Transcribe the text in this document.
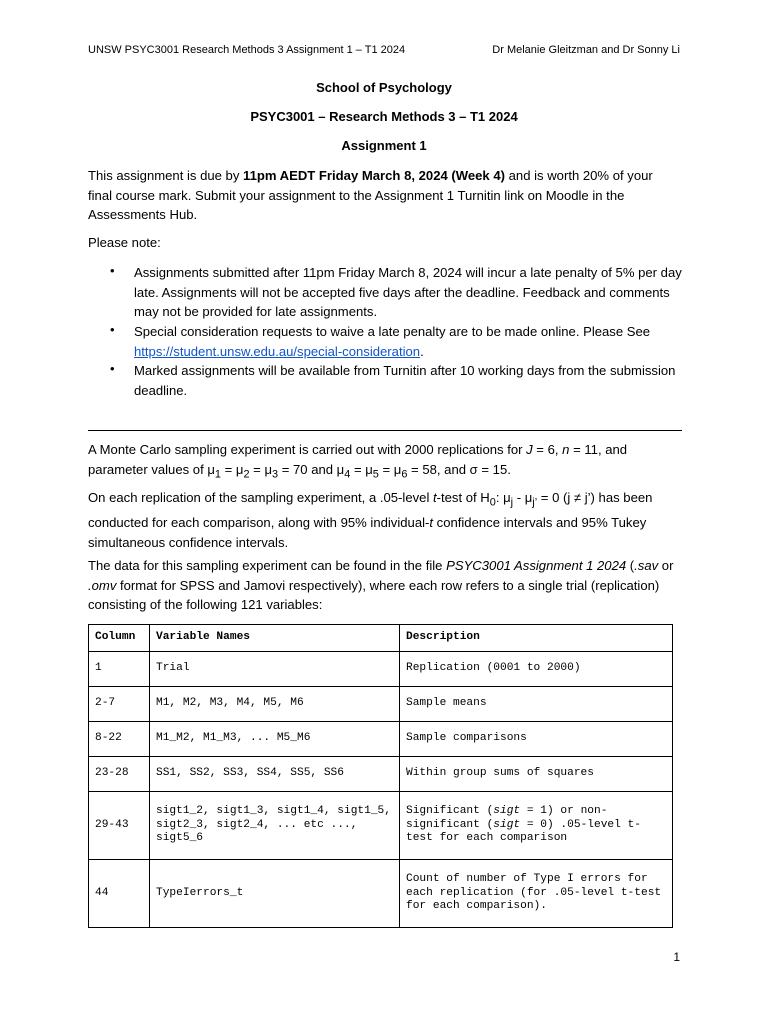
UNSW PSYC3001 Research Methods 3 Assignment 1 – T1 2024	Dr Melanie Gleitzman and Dr Sonny Li
School of Psychology
PSYC3001 – Research Methods 3 – T1 2024
Assignment 1
This assignment is due by 11pm AEDT Friday March 8, 2024 (Week 4) and is worth 20% of your final course mark. Submit your assignment to the Assignment 1 Turnitin link on Moodle in the Assessments Hub.
Please note:
• Assignments submitted after 11pm Friday March 8, 2024 will incur a late penalty of 5% per day late. Assignments will not be accepted five days after the deadline. Feedback and comments may not be provided for late assignments.
• Special consideration requests to waive a late penalty are to be made online. Please See https://student.unsw.edu.au/special-consideration.
• Marked assignments will be available from Turnitin after 10 working days from the submission deadline.
A Monte Carlo sampling experiment is carried out with 2000 replications for J = 6, n = 11, and parameter values of $\mu_1 = \mu_2 = \mu_3 = 70$ and $\mu_4 = \mu_5 = \mu_6 = 58$, and σ = 15.
On each replication of the sampling experiment, a .05-level t-test of $H_0$: $\mu_j - \mu_{j’} = 0$ (j ≠ j’) has been conducted for each comparison, along with 95% individual-t confidence intervals and 95% Tukey simultaneous confidence intervals.
The data for this sampling experiment can be found in the file PSYC3001 Assignment 1 2024 (.sav or .omv format for SPSS and Jamovi respectively), where each row refers to a single trial (replication) consisting of the following 121 variables:
Column	Variable Names	Description
1	Trial	Replication (0001 to 2000)
2-7	M1, M2, M3, M4, M5, M6	Sample means
8-22	M1_M2, M1_M3, ... M5_M6	Sample comparisons
23-28	SS1, SS2, SS3, SS4, SS5, SS6	Within group sums of squares
29-43	sigt1_2, sigt1_3, sigt1_4, sigt1_5, sigt2_3, sigt2_4, ... etc ..., sigt5_6	Significant (sigt = 1) or non-significant (sigt = 0) .05-level t-test for each comparison
44	TypeIerrors_t	Count of number of Type I errors for each replication (for .05-level t-test for each comparison).
1
